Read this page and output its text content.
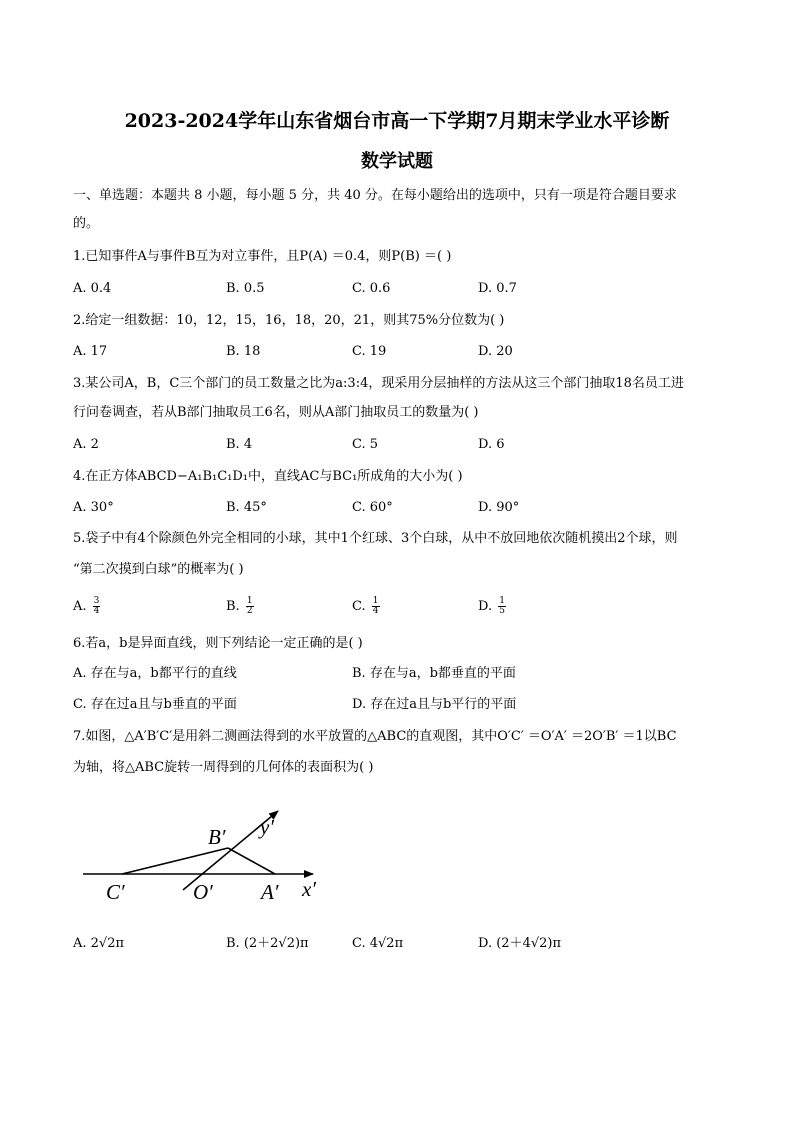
2023-2024学年山东省烟台市高一下学期7月期末学业水平诊断
数学试题
一、单选题：本题共 8 小题，每小题 5 分，共 40 分。在每小题给出的选项中，只有一项是符合题目要求
的。
1.已知事件A与事件B互为对立事件，且P(A) ＝0.4，则P(B) ＝( )
A. 0.4	B. 0.5	C. 0.6	D. 0.7
2.给定一组数据：10，12，15，16，18，20，21，则其75%分位数为( )
A. 17	B. 18	C. 19	D. 20
3.某公司A，B，C三个部门的员工数量之比为a:3:4，现采用分层抽样的方法从这三个部门抽取18名员工进
行问卷调查，若从B部门抽取员工6名，则从A部门抽取员工的数量为( )
A. 2	B. 4	C. 5	D. 6
4.在正方体ABCD−A₁B₁C₁D₁中，直线AC与BC₁所成角的大小为( )
A. 30°	B. 45°	C. 60°	D. 90°
5.袋子中有4个除颜色外完全相同的小球，其中1个红球、3个白球，从中不放回地依次随机摸出2个球，则
“第二次摸到白球”的概率为( )
A. $\frac{3}{4}$	B. $\frac{1}{2}$	C. $\frac{1}{4}$	D. $\frac{1}{5}$
6.若a，b是异面直线，则下列结论一定正确的是( )
A. 存在与a，b都平行的直线	B. 存在与a，b都垂直的平面
C. 存在过a且与b垂直的平面	D. 存在过a且与b平行的平面
7.如图，△A′B′C′是用斜二测画法得到的水平放置的△ABC的直观图，其中O′C′ ＝O′A′ ＝2O′B′ ＝1以BC
为轴，将△ABC旋转一周得到的几何体的表面积为( )
B′ y′
C′	O′ A′ x′
A. 2√2π	B. (2＋2√2)π	C. 4√2π	D. (2＋4√2)π
